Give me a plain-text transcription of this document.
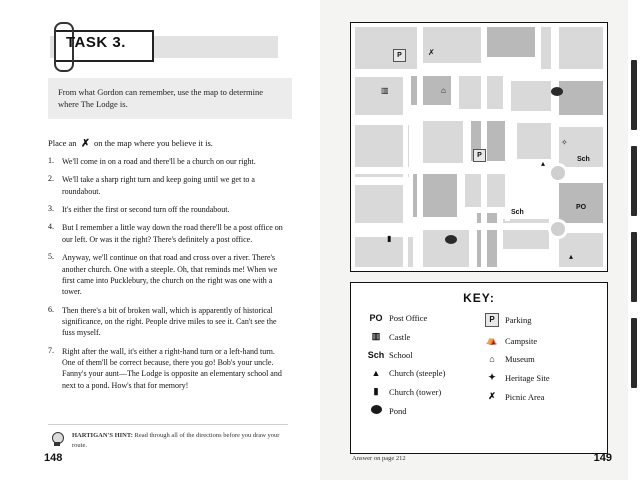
TASK 3.
From what Gordon can remember, use the map to determine where The Lodge is.
Place an ✗ on the map where you believe it is.
1.	We'll come in on a road and there'll be a church on our right.
2.	We'll take a sharp right turn and keep going until we get to a roundabout.
3.	It's either the first or second turn off the roundabout.
4.	But I remember a little way down the road there'll be a post office on our left. Or was it the right? There's definitely a post office.
5.	Anyway, we'll continue on that road and cross over a river. There's another church. One with a steeple. Oh, that reminds me! When we first came into Pucklebury, the church on the right was one with a tower.
6.	Then there's a bit of broken wall, which is apparently of historical significance, on the right. People drive miles to see it. Can't see the fuss myself.
7.	Right after the wall, it's either a right-hand turn or a left-hand turn. One of them'll be correct because, there you go! Bob's your uncle. Fanny's your aunt—The Lodge is opposite an elementary school and next to a pond. How's that for memory!
HARTIGAN'S HINT: Read through all of the directions before you draw your route.
148
PO
Sch
Sch
P
P	✗
⌂
▥
▮
▴
✧
▴
KEY:
PO Post Office
▥	Castle
Sch School
▲	Church (steeple)
▮	Church (tower)
Pond
P	Parking
⛺ Campsite
⌂	Museum
✦	Heritage Site
✗	Picnic Area
Answer on page 212	149
